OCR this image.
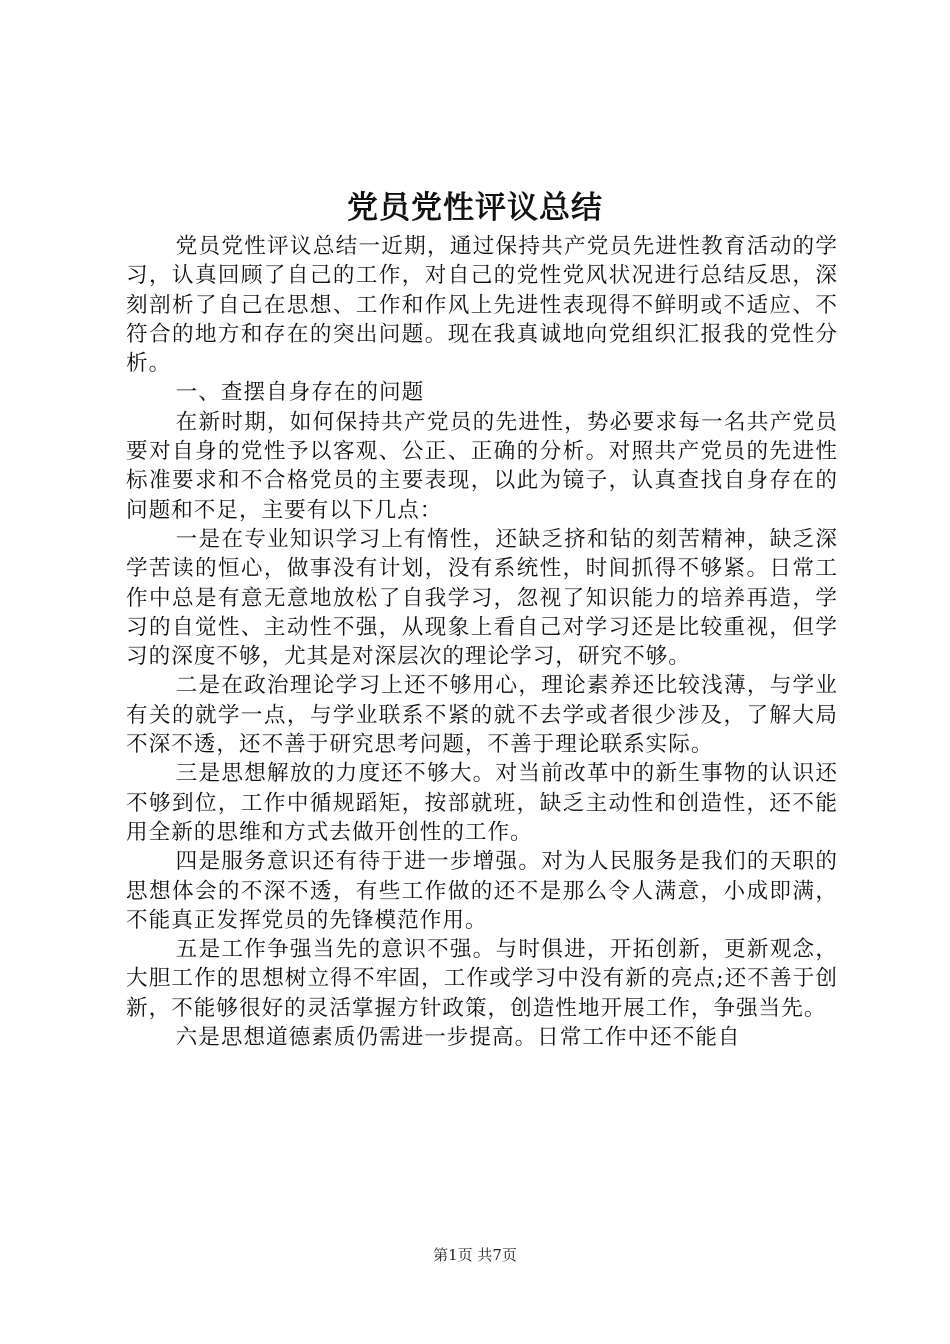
党员党性评议总结

党员党性评议总结一近期，通过保持共产党员先进性教育活动的学习，认真回顾了自己的工作，对自己的党性党风状况进行总结反思，深刻剖析了自己在思想、工作和作风上先进性表现得不鲜明或不适应、不符合的地方和存在的突出问题。现在我真诚地向党组织汇报我的党性分析。

一、查摆自身存在的问题

在新时期，如何保持共产党员的先进性，势必要求每一名共产党员要对自身的党性予以客观、公正、正确的分析。对照共产党员的先进性标准要求和不合格党员的主要表现，以此为镜子，认真查找自身存在的问题和不足，主要有以下几点：

一是在专业知识学习上有惰性，还缺乏挤和钻的刻苦精神，缺乏深学苦读的恒心，做事没有计划，没有系统性，时间抓得不够紧。日常工作中总是有意无意地放松了自我学习，忽视了知识能力的培养再造，学习的自觉性、主动性不强，从现象上看自己对学习还是比较重视，但学习的深度不够，尤其是对深层次的理论学习，研究不够。

二是在政治理论学习上还不够用心，理论素养还比较浅薄，与学业有关的就学一点，与学业联系不紧的就不去学或者很少涉及，了解大局不深不透，还不善于研究思考问题，不善于理论联系实际。

三是思想解放的力度还不够大。对当前改革中的新生事物的认识还不够到位，工作中循规蹈矩，按部就班，缺乏主动性和创造性，还不能用全新的思维和方式去做开创性的工作。

四是服务意识还有待于进一步增强。对为人民服务是我们的天职的思想体会的不深不透，有些工作做的还不是那么令人满意，小成即满，不能真正发挥党员的先锋模范作用。

五是工作争强当先的意识不强。与时俱进，开拓创新，更新观念，大胆工作的思想树立得不牢固，工作或学习中没有新的亮点;还不善于创新，不能够很好的灵活掌握方针政策，创造性地开展工作，争强当先。

六是思想道德素质仍需进一步提高。日常工作中还不能自

第1页 共7页
